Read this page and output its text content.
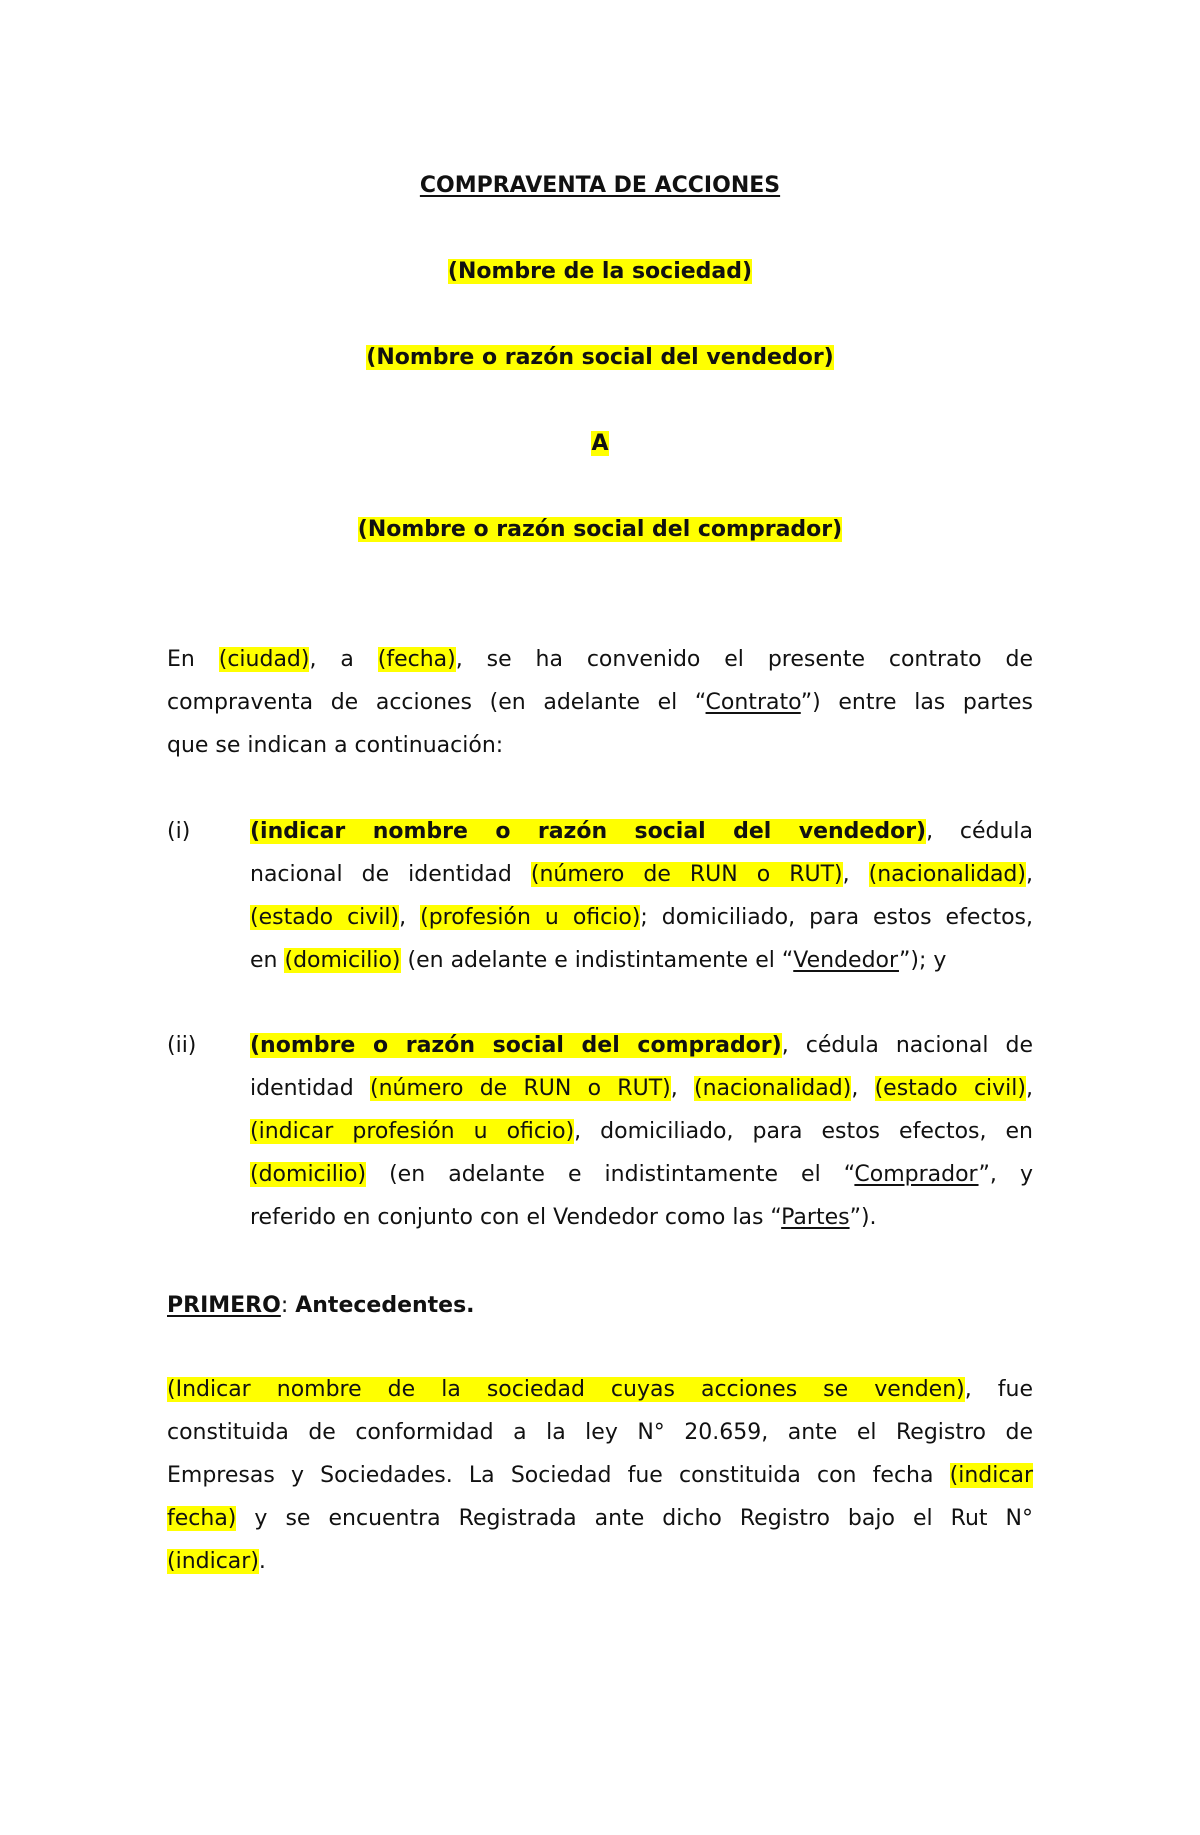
COMPRAVENTA DE ACCIONES
(Nombre de la sociedad)
(Nombre o razón social del vendedor)
A
(Nombre o razón social del comprador)
En (ciudad), a (fecha), se ha convenido el presente contrato de
compraventa de acciones (en adelante el “Contrato”) entre las partes
que se indican a continuación:
(i)	(indicar nombre o razón social del vendedor), cédula
nacional de identidad (número de RUN o RUT), (nacionalidad),
(estado civil), (profesión u oficio); domiciliado, para estos efectos,
en (domicilio) (en adelante e indistintamente el “Vendedor”); y
(ii) (nombre o razón social del comprador), cédula nacional de
identidad (número de RUN o RUT), (nacionalidad), (estado civil),
(indicar profesión u oficio), domiciliado, para estos efectos, en
(domicilio) (en adelante e indistintamente el “Comprador”, y
referido en conjunto con el Vendedor como las “Partes”).
PRIMERO: Antecedentes.
(Indicar nombre de la sociedad cuyas acciones se venden), fue
constituida de conformidad a la ley N° 20.659, ante el Registro de
Empresas y Sociedades. La Sociedad fue constituida con fecha (indicar
fecha) y se encuentra Registrada ante dicho Registro bajo el Rut N°
(indicar).
